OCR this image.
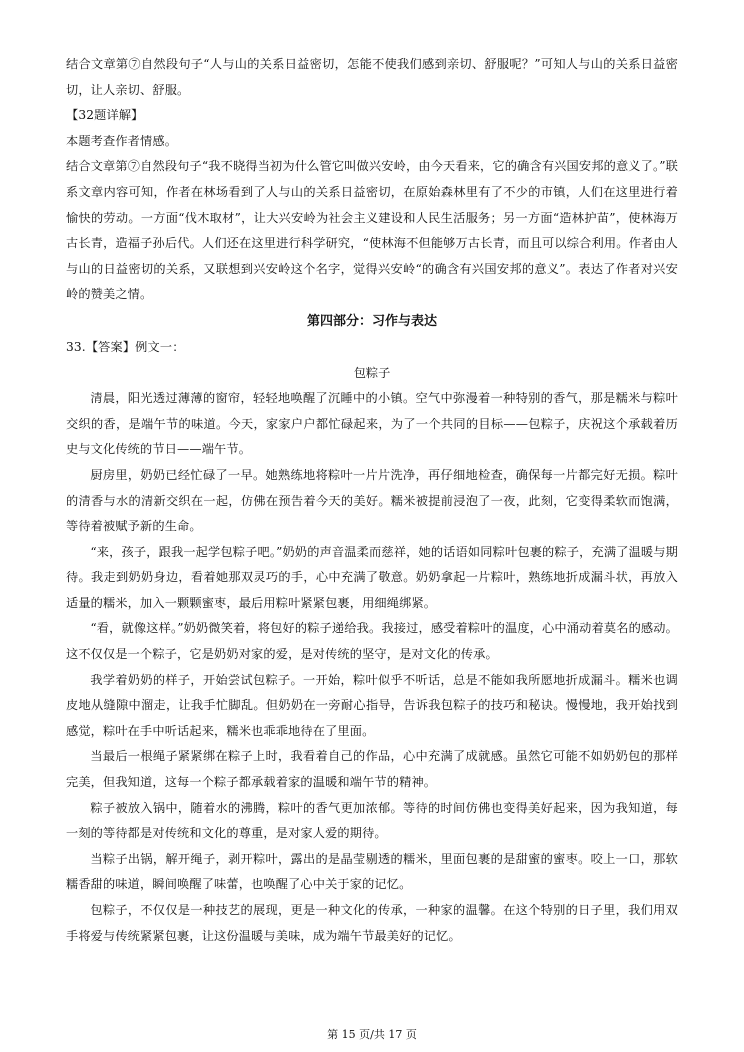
结合文章第⑦自然段句子“人与山的关系日益密切，怎能不使我们感到亲切、舒服呢？”可知人与山的关系日益密切，让人亲切、舒服。

【32题详解】

本题考查作者情感。

结合文章第⑦自然段句子“我不晓得当初为什么管它叫做兴安岭，由今天看来，它的确含有兴国安邦的意义了。”联系文章内容可知，作者在林场看到了人与山的关系日益密切，在原始森林里有了不少的市镇，人们在这里进行着愉快的劳动。一方面“伐木取材”，让大兴安岭为社会主义建设和人民生活服务；另一方面“造林护苗”，使林海万古长青，造福子孙后代。人们还在这里进行科学研究，“使林海不但能够万古长青，而且可以综合利用。作者由人与山的日益密切的关系，又联想到兴安岭这个名字，觉得兴安岭“的确含有兴国安邦的意义”。表达了作者对兴安岭的赞美之情。

第四部分：习作与表达

33.【答案】例文一：

包粽子

清晨，阳光透过薄薄的窗帘，轻轻地唤醒了沉睡中的小镇。空气中弥漫着一种特别的香气，那是糯米与粽叶交织的香，是端午节的味道。今天，家家户户都忙碌起来，为了一个共同的目标——包粽子，庆祝这个承载着历史与文化传统的节日——端午节。

厨房里，奶奶已经忙碌了一早。她熟练地将粽叶一片片洗净，再仔细地检查，确保每一片都完好无损。粽叶的清香与水的清新交织在一起，仿佛在预告着今天的美好。糯米被提前浸泡了一夜，此刻，它变得柔软而饱满，等待着被赋予新的生命。

“来，孩子，跟我一起学包粽子吧。”奶奶的声音温柔而慈祥，她的话语如同粽叶包裹的粽子，充满了温暖与期待。我走到奶奶身边，看着她那双灵巧的手，心中充满了敬意。奶奶拿起一片粽叶，熟练地折成漏斗状，再放入适量的糯米，加入一颗颗蜜枣，最后用粽叶紧紧包裹，用细绳绑紧。

“看，就像这样。”奶奶微笑着，将包好的粽子递给我。我接过，感受着粽叶的温度，心中涌动着莫名的感动。这不仅仅是一个粽子，它是奶奶对家的爱，是对传统的坚守，是对文化的传承。

我学着奶奶的样子，开始尝试包粽子。一开始，粽叶似乎不听话，总是不能如我所愿地折成漏斗。糯米也调皮地从缝隙中溜走，让我手忙脚乱。但奶奶在一旁耐心指导，告诉我包粽子的技巧和秘诀。慢慢地，我开始找到感觉，粽叶在手中听话起来，糯米也乖乖地待在了里面。

当最后一根绳子紧紧绑在粽子上时，我看着自己的作品，心中充满了成就感。虽然它可能不如奶奶包的那样完美，但我知道，这每一个粽子都承载着家的温暖和端午节的精神。

粽子被放入锅中，随着水的沸腾，粽叶的香气更加浓郁。等待的时间仿佛也变得美好起来，因为我知道，每一刻的等待都是对传统和文化的尊重，是对家人爱的期待。

当粽子出锅，解开绳子，剥开粽叶，露出的是晶莹剔透的糯米，里面包裹的是甜蜜的蜜枣。咬上一口，那软糯香甜的味道，瞬间唤醒了味蕾，也唤醒了心中关于家的记忆。

包粽子，不仅仅是一种技艺的展现，更是一种文化的传承，一种家的温馨。在这个特别的日子里，我们用双手将爱与传统紧紧包裹，让这份温暖与美味，成为端午节最美好的记忆。

第 15 页/共 17 页
